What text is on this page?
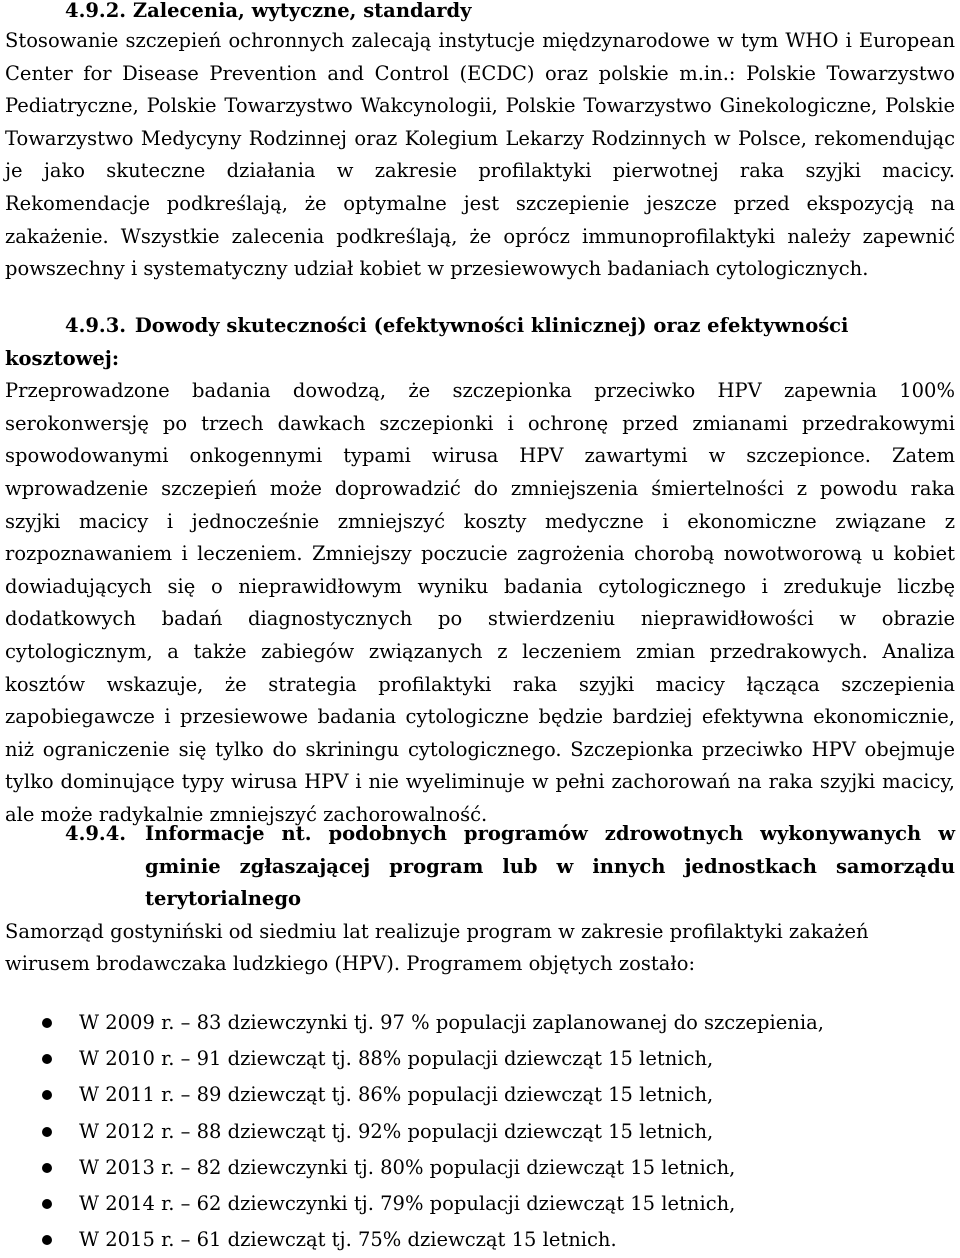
4.9.2. Zalecenia, wytyczne, standardy

Stosowanie szczepień ochronnych zalecają instytucje międzynarodowe w tym WHO i European Center for Disease Prevention and Control (ECDC) oraz polskie m.in.: Polskie Towarzystwo Pediatryczne, Polskie Towarzystwo Wakcynologii, Polskie Towarzystwo Ginekologiczne, Polskie Towarzystwo Medycyny Rodzinnej oraz Kolegium Lekarzy Rodzinnych w Polsce, rekomendując je jako skuteczne działania w zakresie profilaktyki pierwotnej raka szyjki macicy. Rekomendacje podkreślają, że optymalne jest szczepienie jeszcze przed ekspozycją na zakażenie. Wszystkie zalecenia podkreślają, że oprócz immunoprofilaktyki należy zapewnić powszechny i systematyczny udział kobiet w przesiewowych badaniach cytologicznych.

4.9.3. Dowody skuteczności (efektywności klinicznej) oraz efektywności kosztowej:

Przeprowadzone badania dowodzą, że szczepionka przeciwko HPV zapewnia 100% serokonwersję po trzech dawkach szczepionki i ochronę przed zmianami przedrakowymi spowodowanymi onkogennymi typami wirusa HPV zawartymi w szczepionce. Zatem wprowadzenie szczepień może doprowadzić do zmniejszenia śmiertelności z powodu raka szyjki macicy i jednocześnie zmniejszyć koszty medyczne i ekonomiczne związane z rozpoznawaniem i leczeniem. Zmniejszy poczucie zagrożenia chorobą nowotworową u kobiet dowiadujących się o nieprawidłowym wyniku badania cytologicznego i zredukuje liczbę dodatkowych badań diagnostycznych po stwierdzeniu nieprawidłowości w obrazie cytologicznym, a także zabiegów związanych z leczeniem zmian przedrakowych. Analiza kosztów wskazuje, że strategia profilaktyki raka szyjki macicy łącząca szczepienia zapobiegawcze i przesiewowe badania cytologiczne będzie bardziej efektywna ekonomicznie, niż ograniczenie się tylko do skriningu cytologicznego. Szczepionka przeciwko HPV obejmuje tylko dominujące typy wirusa HPV i nie wyeliminuje w pełni zachorowań na raka szyjki macicy, ale może radykalnie zmniejszyć zachorowalność.

4.9.4. Informacje nt. podobnych programów zdrowotnych wykonywanych w gminie zgłaszającej program lub w innych jednostkach samorządu terytorialnego

Samorząd gostyniński od siedmiu lat realizuje program w zakresie profilaktyki zakażeń wirusem brodawczaka ludzkiego (HPV). Programem objętych zostało:

W 2009 r. – 83 dziewczynki tj. 97 % populacji zaplanowanej do szczepienia,
W 2010 r. – 91 dziewcząt tj. 88% populacji dziewcząt 15 letnich,
W 2011 r. – 89 dziewcząt tj. 86% populacji dziewcząt 15 letnich,
W 2012 r. – 88 dziewcząt tj. 92% populacji dziewcząt 15 letnich,
W 2013 r. – 82 dziewczynki tj. 80% populacji dziewcząt 15 letnich,
W 2014 r. – 62 dziewczynki tj. 79% populacji dziewcząt 15 letnich,
W 2015 r. – 61 dziewcząt tj. 75% dziewcząt 15 letnich.
